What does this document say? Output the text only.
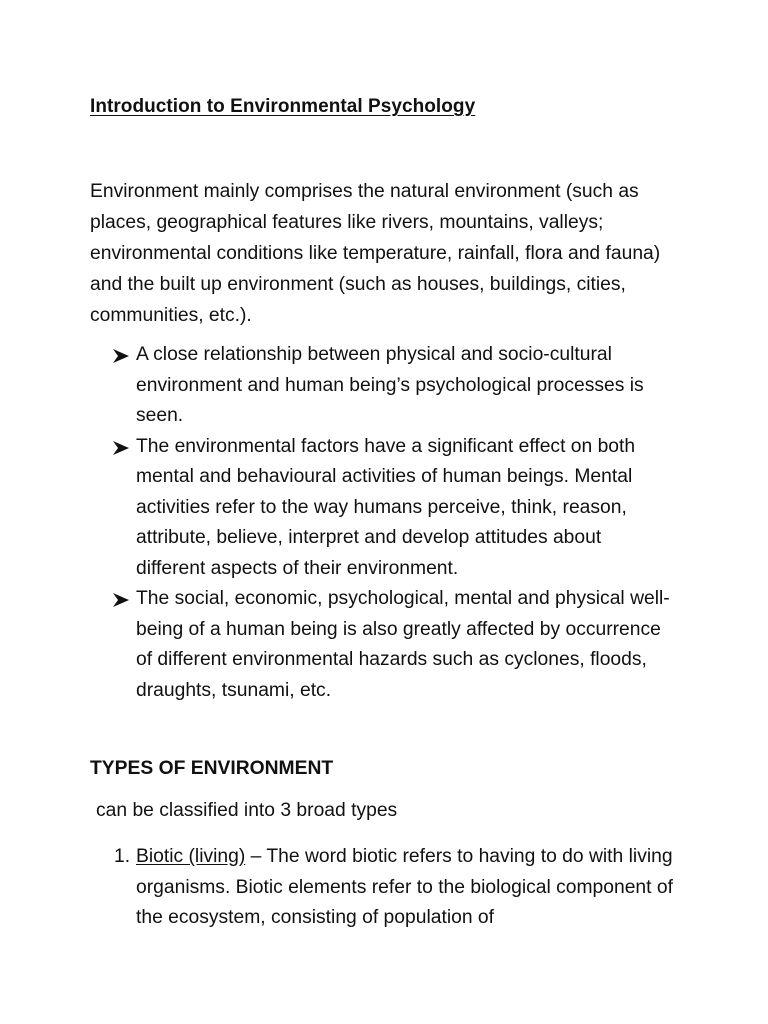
Introduction to Environmental Psychology

Environment mainly comprises the natural environment (such as places, geographical features like rivers, mountains, valleys; environmental conditions like temperature, rainfall, flora and fauna) and the built up environment (such as houses, buildings, cities, communities, etc.).

A close relationship between physical and socio-cultural environment and human being’s psychological processes is seen.
The environmental factors have a significant effect on both mental and behavioural activities of human beings. Mental activities refer to the way humans perceive, think, reason, attribute, believe, interpret and develop attitudes about different aspects of their environment.
The social, economic, psychological, mental and physical well-being of a human being is also greatly affected by occurrence of different environmental hazards such as cyclones, floods, draughts, tsunami, etc.
TYPES OF ENVIRONMENT

can be classified into 3 broad types

1. Biotic (living) – The word biotic refers to having to do with living organisms. Biotic elements refer to the biological component of the ecosystem, consisting of population of
